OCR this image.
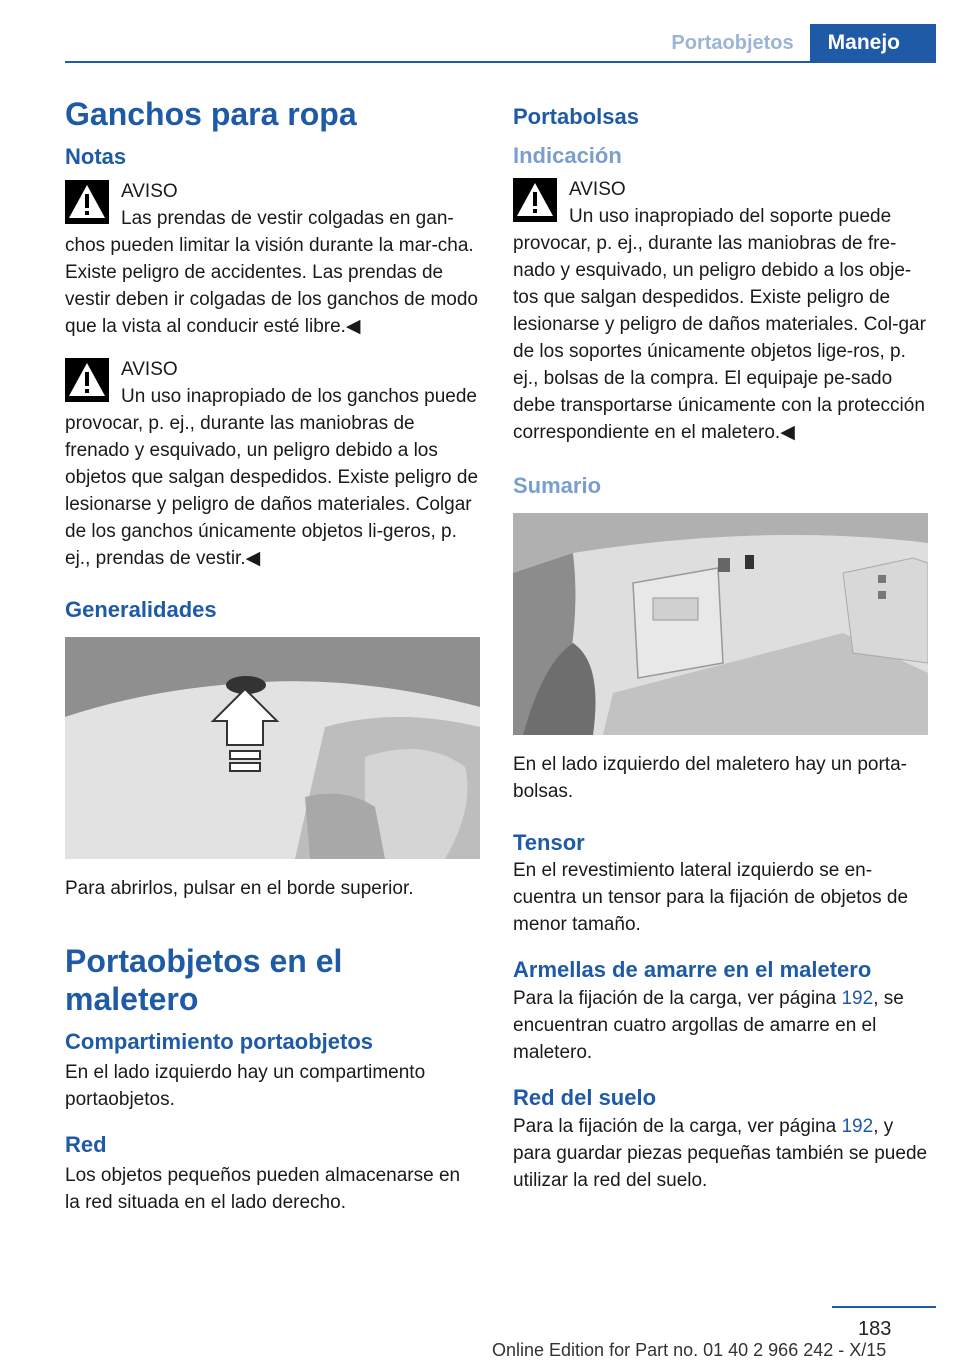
Portaobjetos	Manejo
Ganchos para ropa
Notas
AVISO
Las prendas de vestir colgadas en gan-chos pueden limitar la visión durante la mar-cha. Existe peligro de accidentes. Las prendas de vestir deben ir colgadas de los ganchos de modo que la vista al conducir esté libre.◀
AVISO
Un uso inapropiado de los ganchos puede provocar, p. ej., durante las maniobras de frenado y esquivado, un peligro debido a los objetos que salgan despedidos. Existe peligro de lesionarse y peligro de daños materiales. Colgar de los ganchos únicamente objetos li-geros, p. ej., prendas de vestir.◀
Generalidades

Para abrirlos, pulsar en el borde superior.

Portaobjetos en el maletero
Compartimiento portaobjetos

En el lado izquierdo hay un compartimento portaobjetos.

Red

Los objetos pequeños pueden almacenarse en la red situada en el lado derecho.

Portabolsas
Indicación
AVISO
Un uso inapropiado del soporte puede provocar, p. ej., durante las maniobras de fre-nado y esquivado, un peligro debido a los obje-tos que salgan despedidos. Existe peligro de lesionarse y peligro de daños materiales. Col-gar de los soportes únicamente objetos lige-ros, p. ej., bolsas de la compra. El equipaje pe-sado debe transportarse únicamente con la protección correspondiente en el maletero.◀
Sumario

En el lado izquierdo del maletero hay un porta-bolsas.

Tensor

En el revestimiento lateral izquierdo se en-cuentra un tensor para la fijación de objetos de menor tamaño.

Armellas de amarre en el maletero

Para la fijación de la carga, ver página 192, se encuentran cuatro argollas de amarre en el maletero.

Red del suelo

Para la fijación de la carga, ver página 192, y para guardar piezas pequeñas también se puede utilizar la red del suelo.

183
Online Edition for Part no. 01 40 2 966 242 - X/15
